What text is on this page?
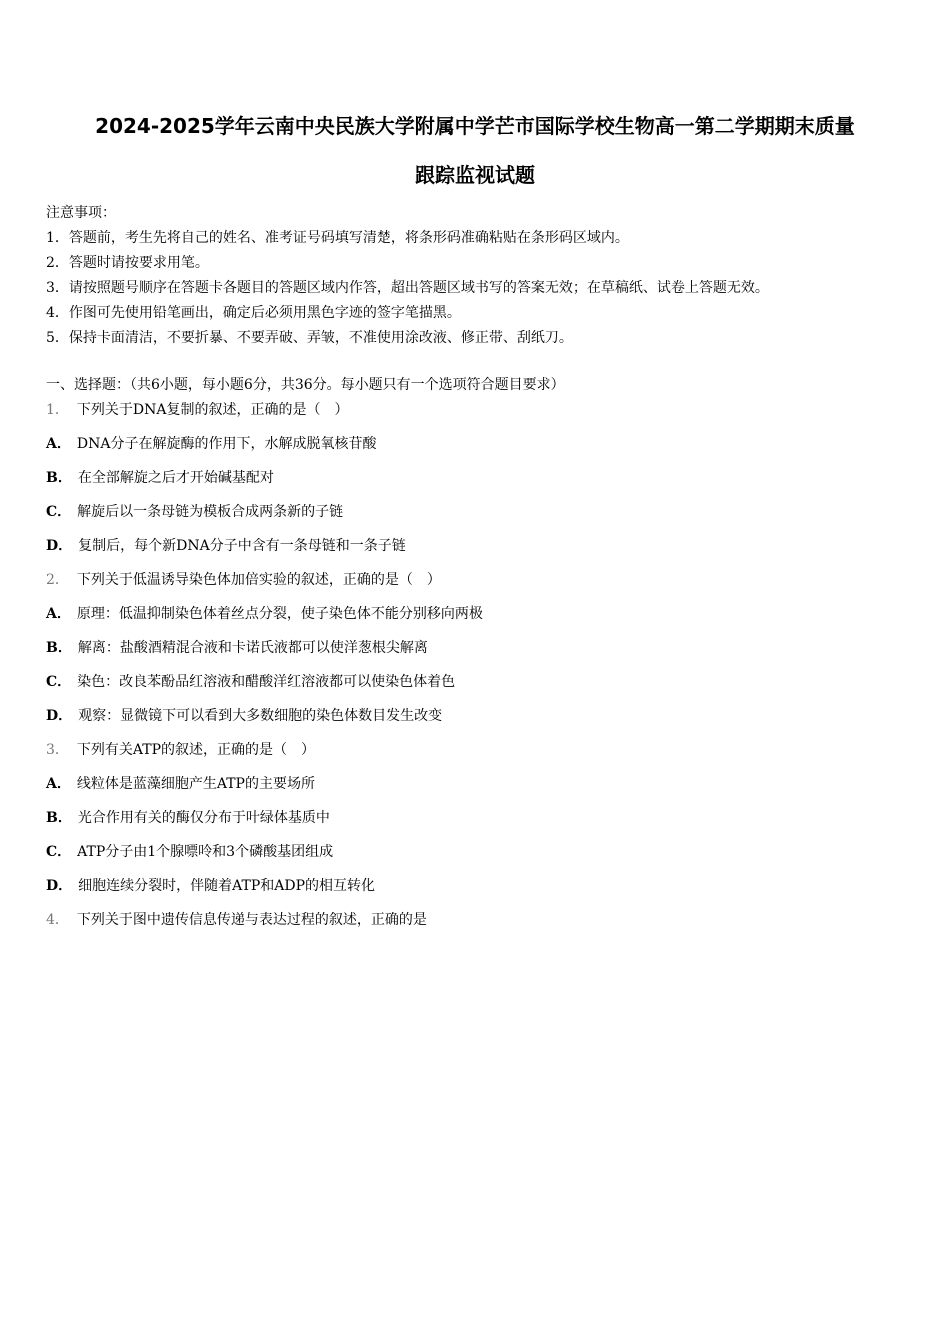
2024-2025学年云南中央民族大学附属中学芒市国际学校生物高一第二学期期末质量
跟踪监视试题
注意事项：
1．答题前，考生先将自己的姓名、准考证号码填写清楚，将条形码准确粘贴在条形码区域内。
2．答题时请按要求用笔。
3．请按照题号顺序在答题卡各题目的答题区域内作答，超出答题区域书写的答案无效；在草稿纸、试卷上答题无效。
4．作图可先使用铅笔画出，确定后必须用黑色字迹的签字笔描黑。
5．保持卡面清洁，不要折暴、不要弄破、弄皱，不准使用涂改液、修正带、刮纸刀。
一、选择题：（共6小题，每小题6分，共36分。每小题只有一个选项符合题目要求）
1． 下列关于DNA复制的叙述，正确的是（　）
A． DNA分子在解旋酶的作用下，水解成脱氧核苷酸
B． 在全部解旋之后才开始碱基配对
C． 解旋后以一条母链为模板合成两条新的子链
D． 复制后，每个新DNA分子中含有一条母链和一条子链
2． 下列关于低温诱导染色体加倍实验的叙述，正确的是（　）
A． 原理：低温抑制染色体着丝点分裂，使子染色体不能分别移向两极
B． 解离：盐酸酒精混合液和卡诺氏液都可以使洋葱根尖解离
C． 染色：改良苯酚品红溶液和醋酸洋红溶液都可以使染色体着色
D． 观察：显微镜下可以看到大多数细胞的染色体数目发生改变
3． 下列有关ATP的叙述，正确的是（　）
A． 线粒体是蓝藻细胞产生ATP的主要场所
B． 光合作用有关的酶仅分布于叶绿体基质中
C． ATP分子由1个腺嘌呤和3个磷酸基团组成
D． 细胞连续分裂时，伴随着ATP和ADP的相互转化
4． 下列关于图中遗传信息传递与表达过程的叙述，正确的是
